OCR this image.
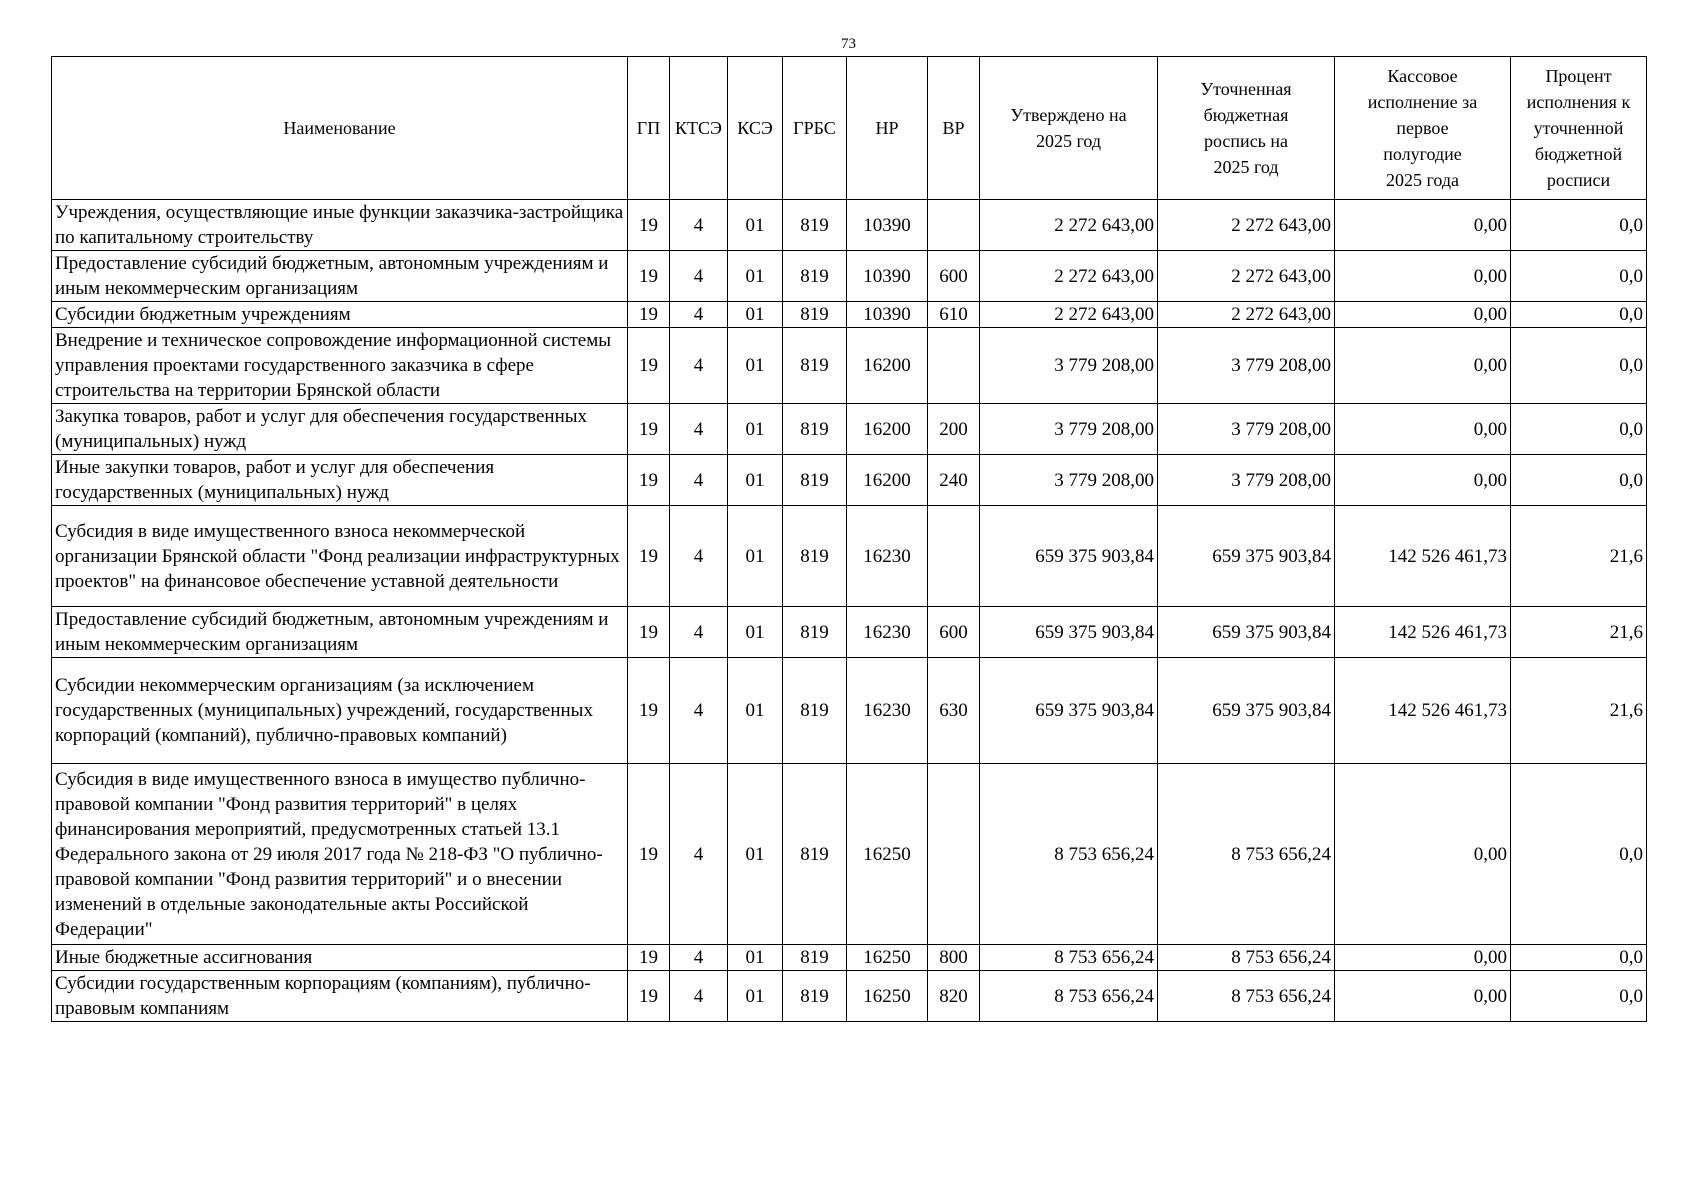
73
Наименование	ГП	КТСЭ	КСЭ	ГРБС	НР	ВР	Утверждено на 2025 год	Уточненная бюджетная роспись на 2025 год	Кассовое исполнение за первое полугодие 2025 года	Процент исполнения к уточненной бюджетной росписи
Учреждения, осуществляющие иные функции заказчика-застройщика по капитальному строительству	19	4	01	819	10390		2 272 643,00	2 272 643,00	0,00	0,0
Предоставление субсидий бюджетным, автономным учреждениям и иным некоммерческим организациям	19	4	01	819	10390	600	2 272 643,00	2 272 643,00	0,00	0,0
Субсидии бюджетным учреждениям	19	4	01	819	10390	610	2 272 643,00	2 272 643,00	0,00	0,0
Внедрение и техническое сопровождение информационной системы управления проектами государственного заказчика в сфере строительства на территории Брянской области	19	4	01	819	16200		3 779 208,00	3 779 208,00	0,00	0,0
Закупка товаров, работ и услуг для обеспечения государственных (муниципальных) нужд	19	4	01	819	16200	200	3 779 208,00	3 779 208,00	0,00	0,0
Иные закупки товаров, работ и услуг для обеспечения государственных (муниципальных) нужд	19	4	01	819	16200	240	3 779 208,00	3 779 208,00	0,00	0,0
Субсидия в виде имущественного взноса некоммерческой организации Брянской области "Фонд реализации инфраструктурных проектов" на финансовое обеспечение уставной деятельности	19	4	01	819	16230		659 375 903,84	659 375 903,84	142 526 461,73	21,6
Предоставление субсидий бюджетным, автономным учреждениям и иным некоммерческим организациям	19	4	01	819	16230	600	659 375 903,84	659 375 903,84	142 526 461,73	21,6
Субсидии некоммерческим организациям (за исключением государственных (муниципальных) учреждений, государственных корпораций (компаний), публично-правовых компаний)	19	4	01	819	16230	630	659 375 903,84	659 375 903,84	142 526 461,73	21,6
Субсидия в виде имущественного взноса в имущество публично-правовой компании "Фонд развития территорий" в целях финансирования мероприятий, предусмотренных статьей 13.1 Федерального закона от 29 июля 2017 года № 218-ФЗ "О публично-правовой компании "Фонд развития территорий" и о внесении изменений в отдельные законодательные акты Российской Федерации"	19	4	01	819	16250		8 753 656,24	8 753 656,24	0,00	0,0
Иные бюджетные ассигнования	19	4	01	819	16250	800	8 753 656,24	8 753 656,24	0,00	0,0
Субсидии государственным корпорациям (компаниям), публично-правовым компаниям	19	4	01	819	16250	820	8 753 656,24	8 753 656,24	0,00	0,0
